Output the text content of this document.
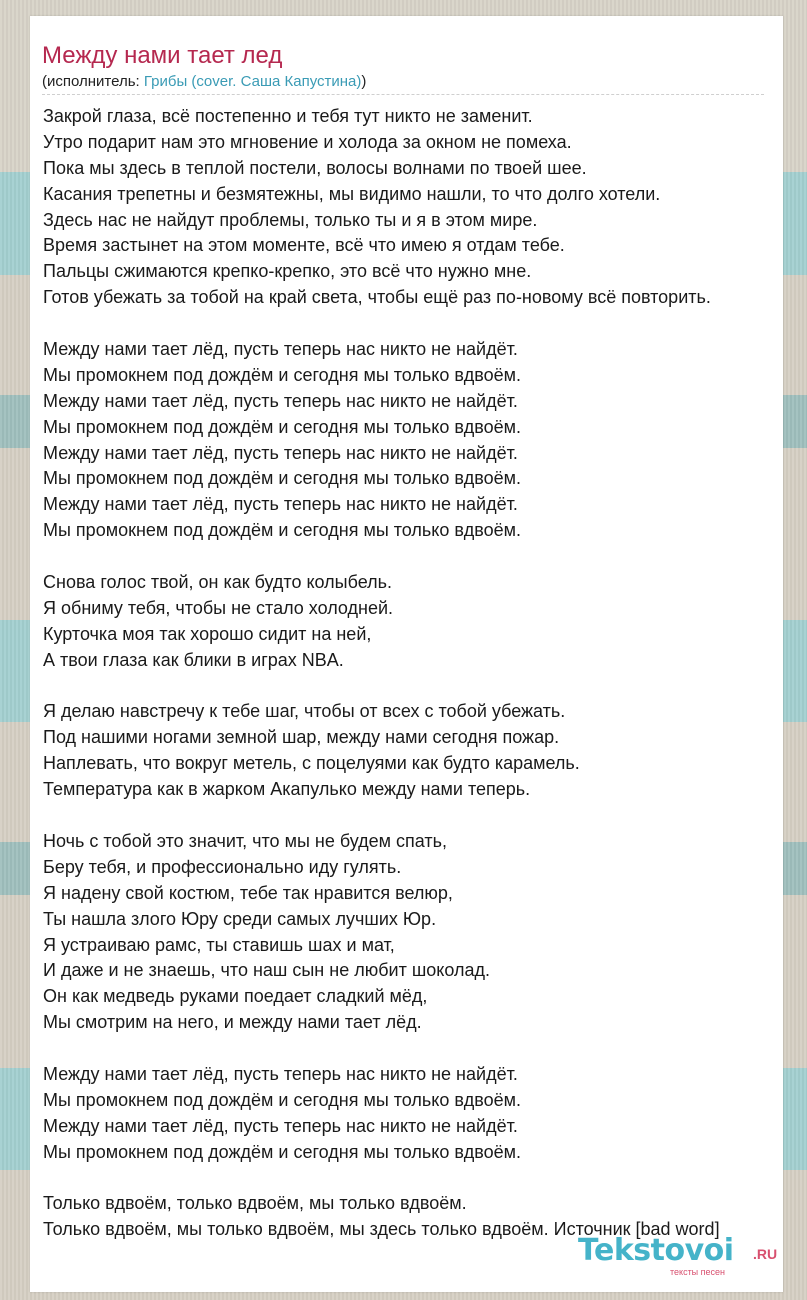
Между нами тает лед
(исполнитель: Грибы (cover. Саша Капустина))
Закрой глаза, всё постепенно и тебя тут никто не заменит.
Утро подарит нам это мгновение и холода за окном не помеха.
Пока мы здесь в теплой постели, волосы волнами по твоей шее.
Касания трепетны и безмятежны, мы видимо нашли, то что долго хотели.
Здесь нас не найдут проблемы, только ты и я в этом мире.
Время застынет на этом моменте, всё что имею я отдам тебе.
Пальцы сжимаются крепко-крепко, это всё что нужно мне.
Готов убежать за тобой на край света, чтобы ещё раз по-новому всё повторить.
Между нами тает лёд, пусть теперь нас никто не найдёт.
Мы промокнем под дождём и сегодня мы только вдвоём.
Между нами тает лёд, пусть теперь нас никто не найдёт.
Мы промокнем под дождём и сегодня мы только вдвоём.
Между нами тает лёд, пусть теперь нас никто не найдёт.
Мы промокнем под дождём и сегодня мы только вдвоём.
Между нами тает лёд, пусть теперь нас никто не найдёт.
Мы промокнем под дождём и сегодня мы только вдвоём.
Снова голос твой, он как будто колыбель.
Я обниму тебя, чтобы не стало холодней.
Курточка моя так хорошо сидит на ней,
А твои глаза как блики в играх NBA.
Я делаю навстречу к тебе шаг, чтобы от всех с тобой убежать.
Под нашими ногами земной шар, между нами сегодня пожар.
Наплевать, что вокруг метель, с поцелуями как будто карамель.
Температура как в жарком Акапулько между нами теперь.
Ночь с тобой это значит, что мы не будем спать,
Беру тебя, и профессионально иду гулять.
Я надену свой костюм, тебе так нравится велюр,
Ты нашла злого Юру среди самых лучших Юр.
Я устраиваю рамс, ты ставишь шах и мат,
И даже и не знаешь, что наш сын не любит шоколад.
Он как медведь руками поедает сладкий мёд,
Мы смотрим на него, и между нами тает лёд.
Между нами тает лёд, пусть теперь нас никто не найдёт.
Мы промокнем под дождём и сегодня мы только вдвоём.
Между нами тает лёд, пусть теперь нас никто не найдёт.
Мы промокнем под дождём и сегодня мы только вдвоём.
Только вдвоём, только вдвоём, мы только вдвоём.
Только вдвоём, мы только вдвоём, мы здесь только вдвоём. Источник [bad word]
Tekstovoi .RU
тексты песен
